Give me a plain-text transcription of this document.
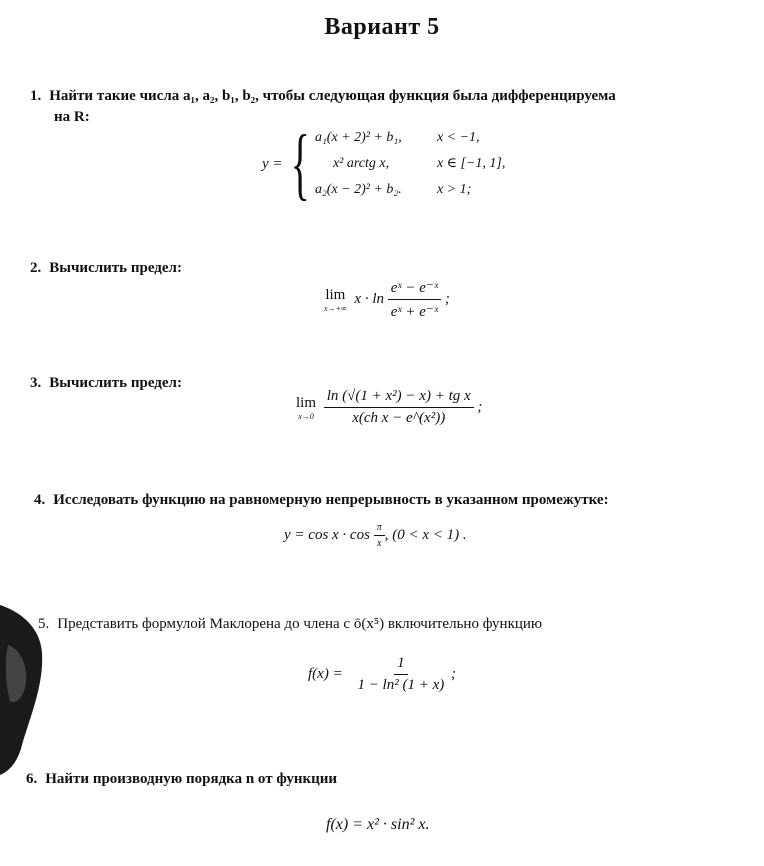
Вариант 5
1. Найти такие числа a₁, a₂, b₁, b₂, чтобы следующая функция была дифференцируема
на R:
y = { a₁(x + 2)² + b₁,	x < −1,
x² arctg x,	x ∈ [−1, 1],
a₂(x − 2)² + b₂.	x > 1;
2. Вычислить предел:
lim
x→+∞
$x \cdot \ln \frac{\text{eˣ − e⁻ˣ}}{\text{eˣ + e⁻ˣ}}$ ;
3. Вычислить предел:
lim
x→0
$\frac{\text{ln (√(1 + x²) − x) + tg x}}{\text{x(ch x − e\textasciicircum{}(x²))}}$ ;
4. Исследовать функцию на равномерную непрерывность в указанном промежутке:
$y = \cos x \cdot \cos \frac{\pi}{x}$ , (0 < x < 1) .
5. Представить формулой Маклорена до члена с ō(x⁵) включительно функцию
$f(x) = \frac{1}{\text{1 − ln² (1 + x)}}$ ;
6. Найти производную порядка n от функции
f(x) = x² · sin² x.
